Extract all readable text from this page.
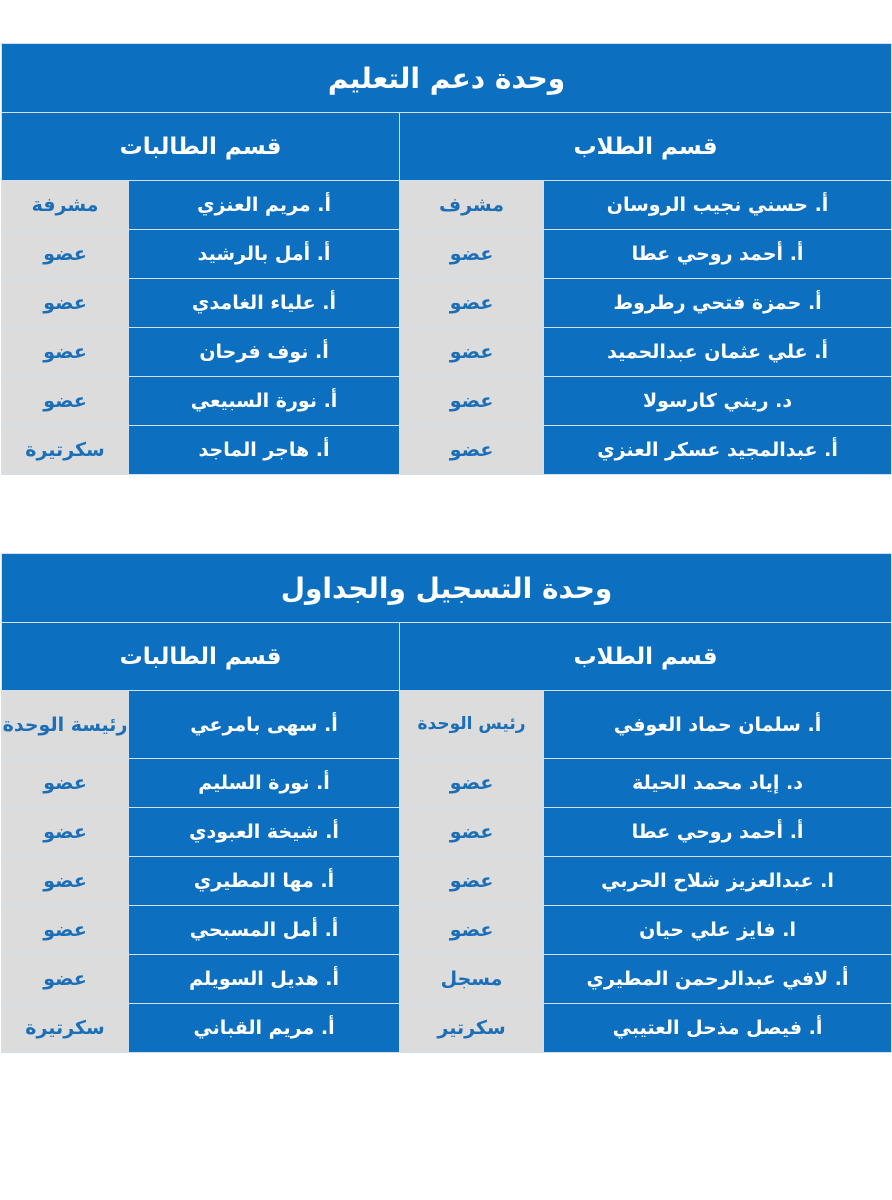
وحدة دعم التعليم			
قسم الطلاب		قسم الطالبات	
أ. حسني نجيب الروسان	مشرف	أ. مريم العنزي	مشرفة
أ. أحمد روحي عطا	عضو	أ. أمل بالرشيد	عضو
أ. حمزة فتحي رطروط	عضو	أ. علياء الغامدي	عضو
أ. علي عثمان عبدالحميد	عضو	أ. نوف فرحان	عضو
د. ريني كارسولا	عضو	أ. نورة السبيعي	عضو
أ. عبدالمجيد عسكر العنزي	عضو	أ. هاجر الماجد	سكرتيرة
وحدة التسجيل والجداول			
قسم الطلاب		قسم الطالبات	
أ. سلمان حماد العوفي	رئيس الوحدة	أ. سهى بامرعي	رئيسة الوحدة
د. إياد محمد الحيلة	عضو	أ. نورة السليم	عضو
أ. أحمد روحي عطا	عضو	أ. شيخة العبودي	عضو
ا. عبدالعزيز شلاح الحربي	عضو	أ. مها المطيري	عضو
ا. فايز علي حيان	عضو	أ. أمل المسبحي	عضو
أ. لافي عبدالرحمن المطيري	مسجل	أ. هديل السويلم	عضو
أ. فيصل مذحل العتيبي	سكرتير	أ. مريم القباني	سكرتيرة
